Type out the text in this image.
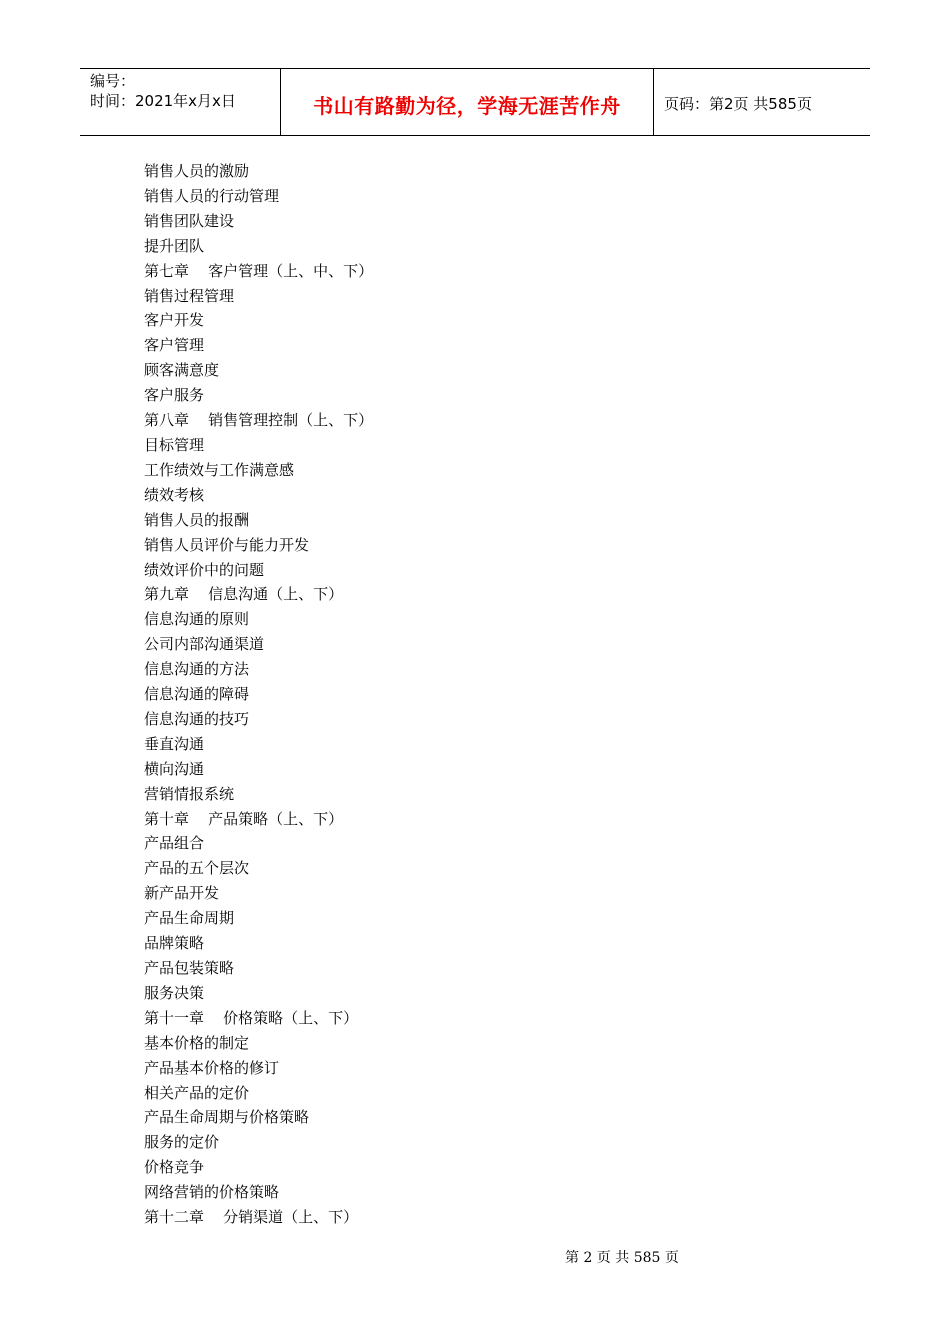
编号：
时间：2021年x月x日	书山有路勤为径，学海无涯苦作舟	页码：第2页 共585页
销售人员的激励
销售人员的行动管理
销售团队建设
提升团队
第七章    客户管理（上、中、下）
销售过程管理
客户开发
客户管理
顾客满意度
客户服务
第八章    销售管理控制（上、下）
目标管理
工作绩效与工作满意感
绩效考核
销售人员的报酬
销售人员评价与能力开发
绩效评价中的问题
第九章    信息沟通（上、下）
信息沟通的原则
公司内部沟通渠道
信息沟通的方法
信息沟通的障碍
信息沟通的技巧
垂直沟通
横向沟通
营销情报系统
第十章    产品策略（上、下）
产品组合
产品的五个层次
新产品开发
产品生命周期
品牌策略
产品包装策略
服务决策
第十一章    价格策略（上、下）
基本价格的制定
产品基本价格的修订
相关产品的定价
产品生命周期与价格策略
服务的定价
价格竞争
网络营销的价格策略
第十二章    分销渠道（上、下）
第 2 页 共 585 页
